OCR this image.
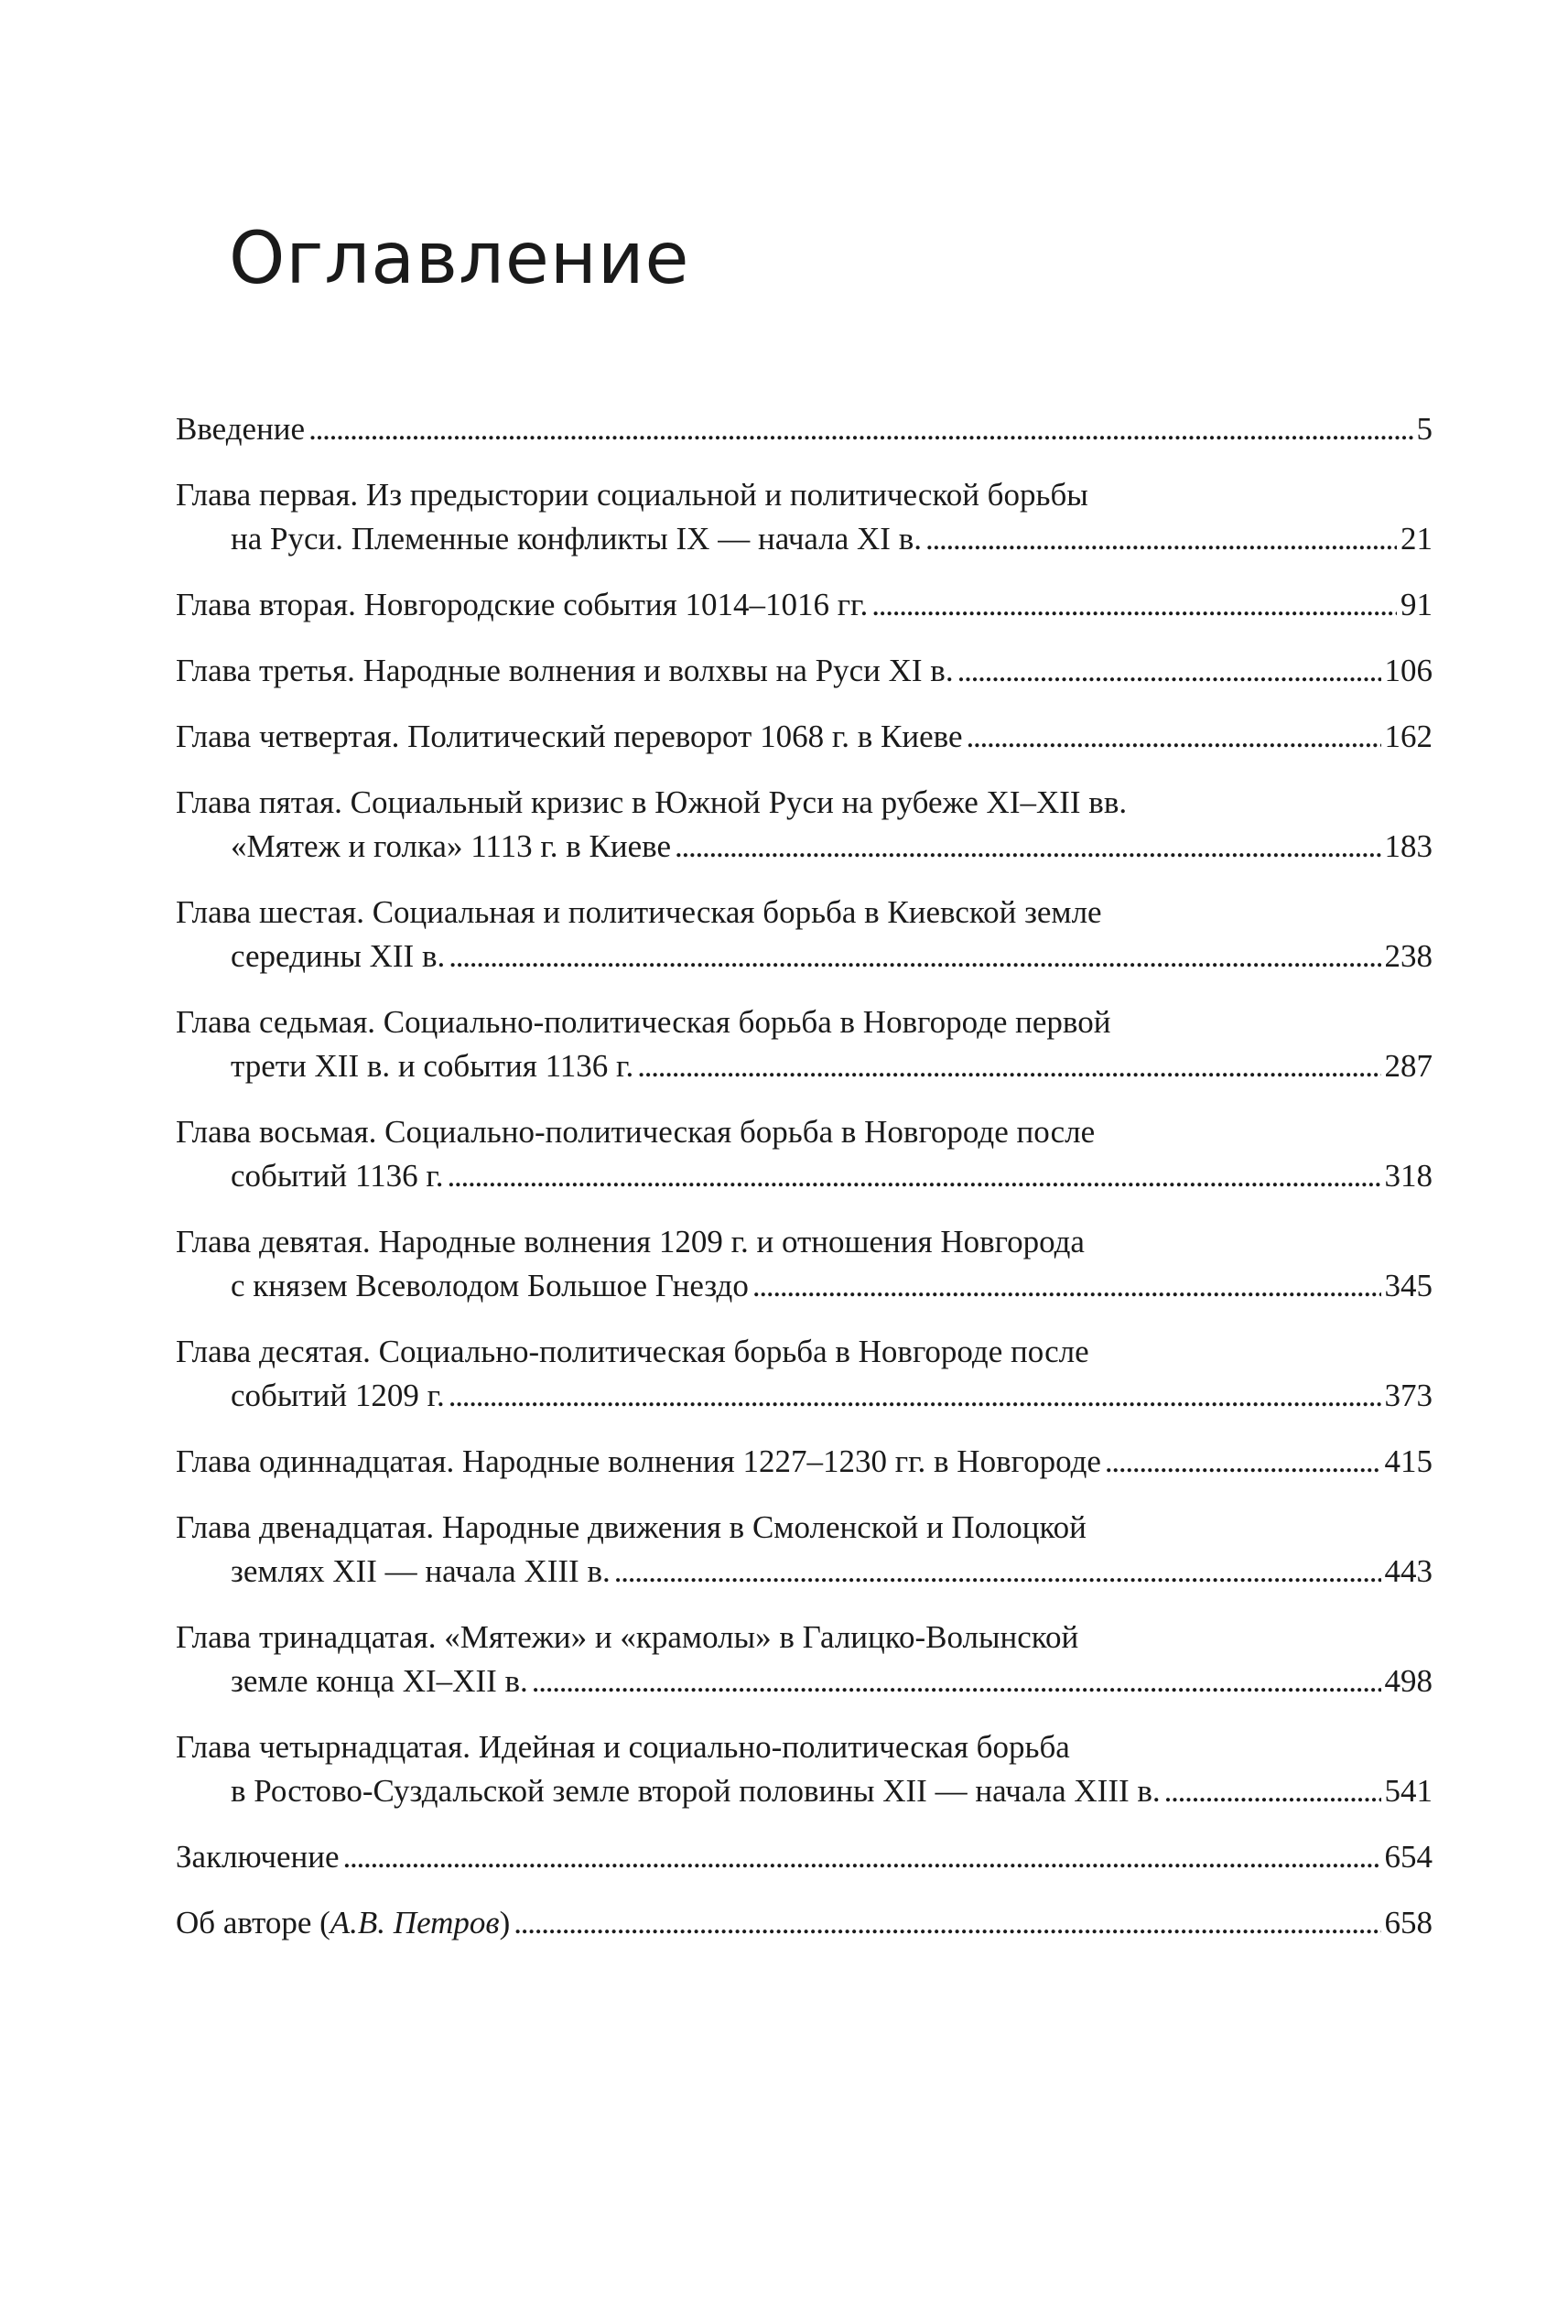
Оглавление
Введение . . .	5
Глава первая. Из предыстории социальной и политической борьбы
на Руси. Племенные конфликты IX — начала XI в. . . .	21
Глава вторая. Новгородские события 1014–1016 гг. . . .	91
Глава третья. Народные волнения и волхвы на Руси XI в. . . .	106
Глава четвертая. Политический переворот 1068 г. в Киеве . . .	162
Глава пятая. Социальный кризис в Южной Руси на рубеже XI–XII вв.
«Мятеж и голка» 1113 г. в Киеве . . .	183
Глава шестая. Социальная и политическая борьба в Киевской земле
середины XII в. . . .	238
Глава седьмая. Социально-политическая борьба в Новгороде первой
трети XII в. и события 1136 г. . . .	287
Глава восьмая. Социально-политическая борьба в Новгороде после
событий 1136 г. . . .	318
Глава девятая. Народные волнения 1209 г. и отношения Новгорода
с князем Всеволодом Большое Гнездо . . .	345
Глава десятая. Социально-политическая борьба в Новгороде после
событий 1209 г. . . .	373
Глава одиннадцатая. Народные волнения 1227–1230 гг. в Новгороде . . .	415
Глава двенадцатая. Народные движения в Смоленской и Полоцкой
землях XII — начала XIII в. . . .	443
Глава тринадцатая. «Мятежи» и «крамолы» в Галицко-Волынской
земле конца XI–XII в. . . .	498
Глава четырнадцатая. Идейная и социально-политическая борьба
в Ростово-Суздальской земле второй половины XII — начала XIII в. . . .	541
Заключение . . .	654
Об авторе (А.В. Петров) . . .	658
